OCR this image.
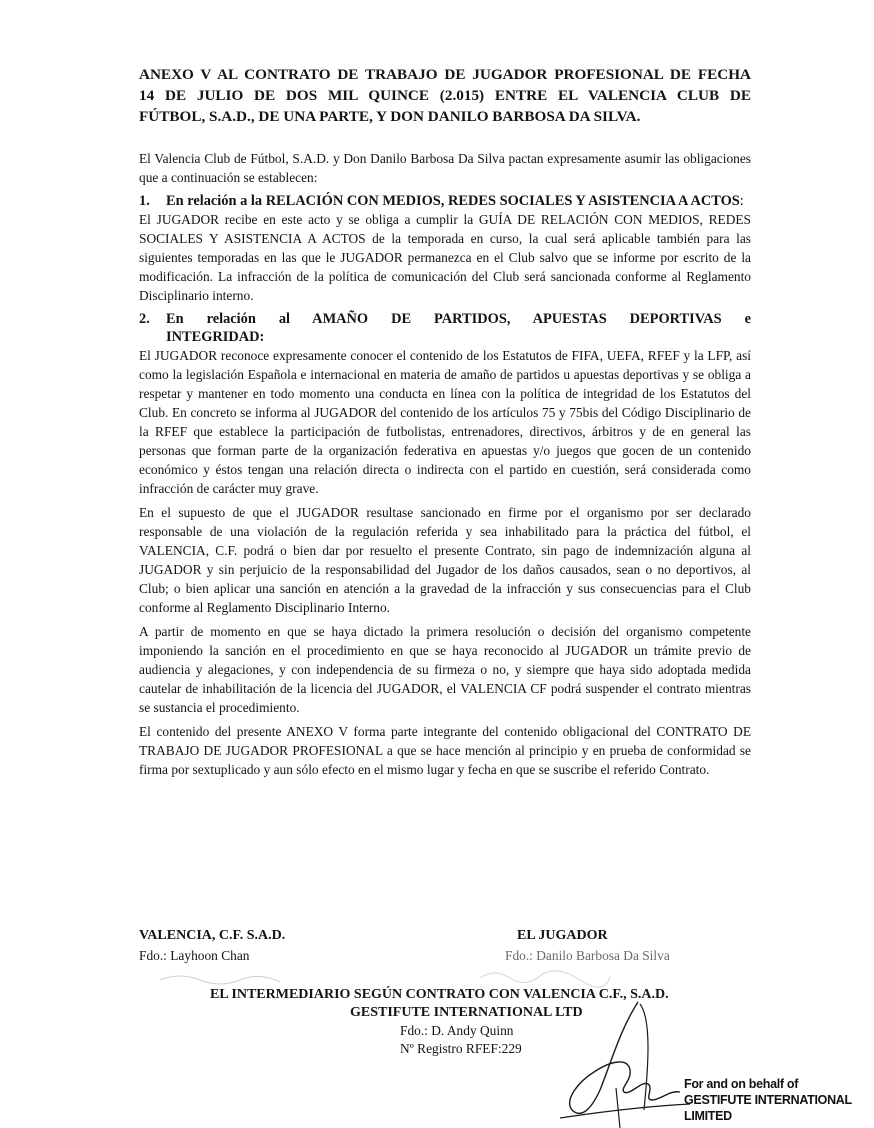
ANEXO V AL CONTRATO DE TRABAJO DE JUGADOR PROFESIONAL DE FECHA
14 DE JULIO DE DOS MIL QUINCE (2.015) ENTRE EL VALENCIA CLUB DE
FÚTBOL, S.A.D., DE UNA PARTE, Y DON DANILO BARBOSA DA SILVA.

El Valencia Club de Fútbol, S.A.D. y Don Danilo Barbosa Da Silva pactan expresamente asumir las obligaciones que a continuación se establecen:

1.	En relación a la RELACIÓN CON MEDIOS, REDES SOCIALES Y ASISTENCIA A ACTOS:

El JUGADOR recibe en este acto y se obliga a cumplir la GUÍA DE RELACIÓN CON MEDIOS, REDES SOCIALES Y ASISTENCIA A ACTOS de la temporada en curso, la cual será aplicable también para las siguientes temporadas en las que le JUGADOR permanezca en el Club salvo que se informe por escrito de la modificación. La infracción de la política de comunicación del Club será sancionada conforme al Reglamento Disciplinario interno.

2.	En relación al AMAÑO DE PARTIDOS, APUESTAS DEPORTIVAS e INTEGRIDAD:

El JUGADOR reconoce expresamente conocer el contenido de los Estatutos de FIFA, UEFA, RFEF y la LFP, así como la legislación Española e internacional en materia de amaño de partidos u apuestas deportivas y se obliga a respetar y mantener en todo momento una conducta en línea con la política de integridad de los Estatutos del Club. En concreto se informa al JUGADOR del contenido de los artículos 75 y 75bis del Código Disciplinario de la RFEF que establece la participación de futbolistas, entrenadores, directivos, árbitros y de en general las personas que forman parte de la organización federativa en apuestas y/o juegos que gocen de un contenido económico y éstos tengan una relación directa o indirecta con el partido en cuestión, será considerada como infracción de carácter muy grave.

En el supuesto de que el JUGADOR resultase sancionado en firme por el organismo por ser declarado responsable de una violación de la regulación referida y sea inhabilitado para la práctica del fútbol, el VALENCIA, C.F. podrá o bien dar por resuelto el presente Contrato, sin pago de indemnización alguna al JUGADOR y sin perjuicio de la responsabilidad del Jugador de los daños causados, sean o no deportivos, al Club; o bien aplicar una sanción en atención a la gravedad de la infracción y sus consecuencias para el Club conforme al Reglamento Disciplinario Interno.

A partir de momento en que se haya dictado la primera resolución o decisión del organismo competente imponiendo la sanción en el procedimiento en que se haya reconocido al JUGADOR un trámite previo de audiencia y alegaciones, y con independencia de su firmeza o no, y siempre que haya sido adoptada medida cautelar de inhabilitación de la licencia del JUGADOR, el VALENCIA CF podrá suspender el contrato mientras se sustancia el procedimiento.

El contenido del presente ANEXO V forma parte integrante del contenido obligacional del CONTRATO DE TRABAJO DE JUGADOR PROFESIONAL a que se hace mención al principio y en prueba de conformidad se firma por sextuplicado y aun sólo efecto en el mismo lugar y fecha en que se suscribe el referido Contrato.

VALENCIA, C.F. S.A.D.
Fdo.: Layhoon Chan
EL JUGADOR
Fdo.: Danilo Barbosa Da Silva
EL INTERMEDIARIO SEGÚN CONTRATO CON VALENCIA C.F., S.A.D.
GESTIFUTE INTERNATIONAL LTD
Fdo.: D. Andy Quinn
Nº Registro RFEF:229
For and on behalf of
GESTIFUTE INTERNATIONAL
LIMITED
